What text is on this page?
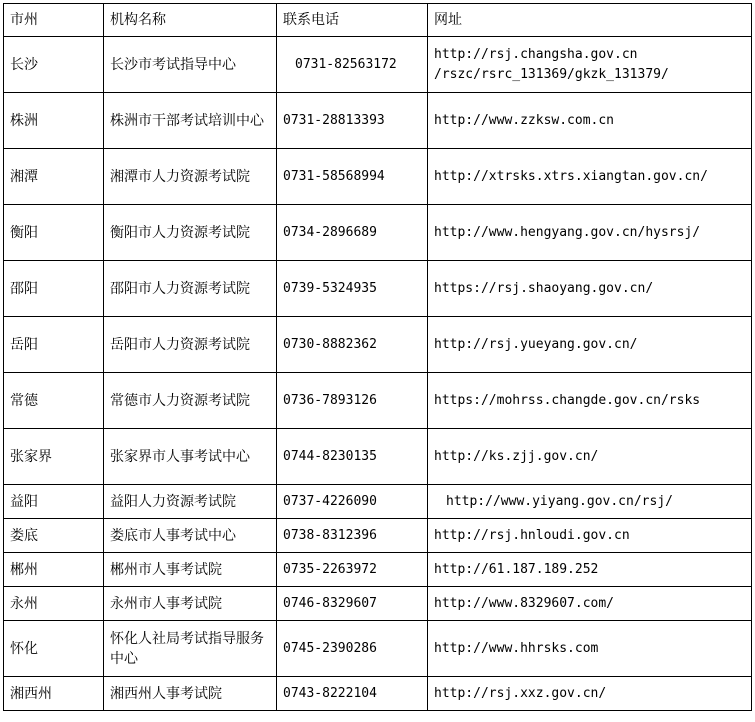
市州	机构名称	联系电话	网址
长沙	长沙市考试指导中心	0731-82563172	http://rsj.changsha.gov.cn
/rszc/rsrc_131369/gkzk_131379/

株洲	株洲市干部考试培训中心	0731-28813393	http://www.zzksw.com.cn

湘潭	湘潭市人力资源考试院	0731-58568994	http://xtrsks.xtrs.xiangtan.gov.cn/

衡阳	衡阳市人力资源考试院	0734-2896689	http://www.hengyang.gov.cn/hysrsj/

邵阳	邵阳市人力资源考试院	0739-5324935	https://rsj.shaoyang.gov.cn/

岳阳	岳阳市人力资源考试院	0730-8882362	http://rsj.yueyang.gov.cn/

常德	常德市人力资源考试院	0736-7893126	https://mohrss.changde.gov.cn/rsks

张家界	张家界市人事考试中心	0744-8230135	http://ks.zjj.gov.cn/

益阳	益阳人力资源考试院	0737-4226090	http://www.yiyang.gov.cn/rsj/

娄底	娄底市人事考试中心	0738-8312396	http://rsj.hnloudi.gov.cn

郴州	郴州市人事考试院	0735-2263972	http://61.187.189.252

永州	永州市人事考试院	0746-8329607	http://www.8329607.com/

怀化	怀化人社局考试指导服务中心	0745-2390286	http://www.hhrsks.com

湘西州	湘西州人事考试院	0743-8222104	http://rsj.xxz.gov.cn/
